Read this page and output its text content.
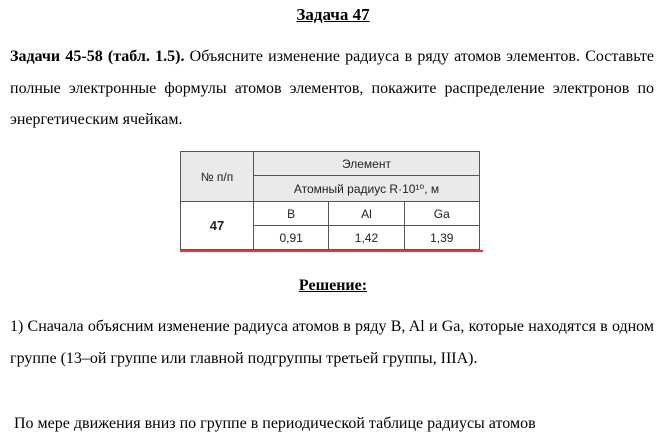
Задача 47
Задачи 45-58 (табл. 1.5). Объясните изменение радиуса в ряду атомов элементов. Составьте полные электронные формулы атомов элементов, покажите распределение электронов по энергетическим ячейкам.
№ п/п	Элемент		
	Атомный радиус R·10¹⁰, м		
47	B	Al	Ga
	0,91	1,42	1,39
Решение:
1) Сначала объясним изменение радиуса атомов в ряду B, Al и Ga, которые находятся в одном группе (13–ой группе или главной подгруппы третьей группы, IIIA).
По мере движения вниз по группе в периодической таблице радиусы атомов
